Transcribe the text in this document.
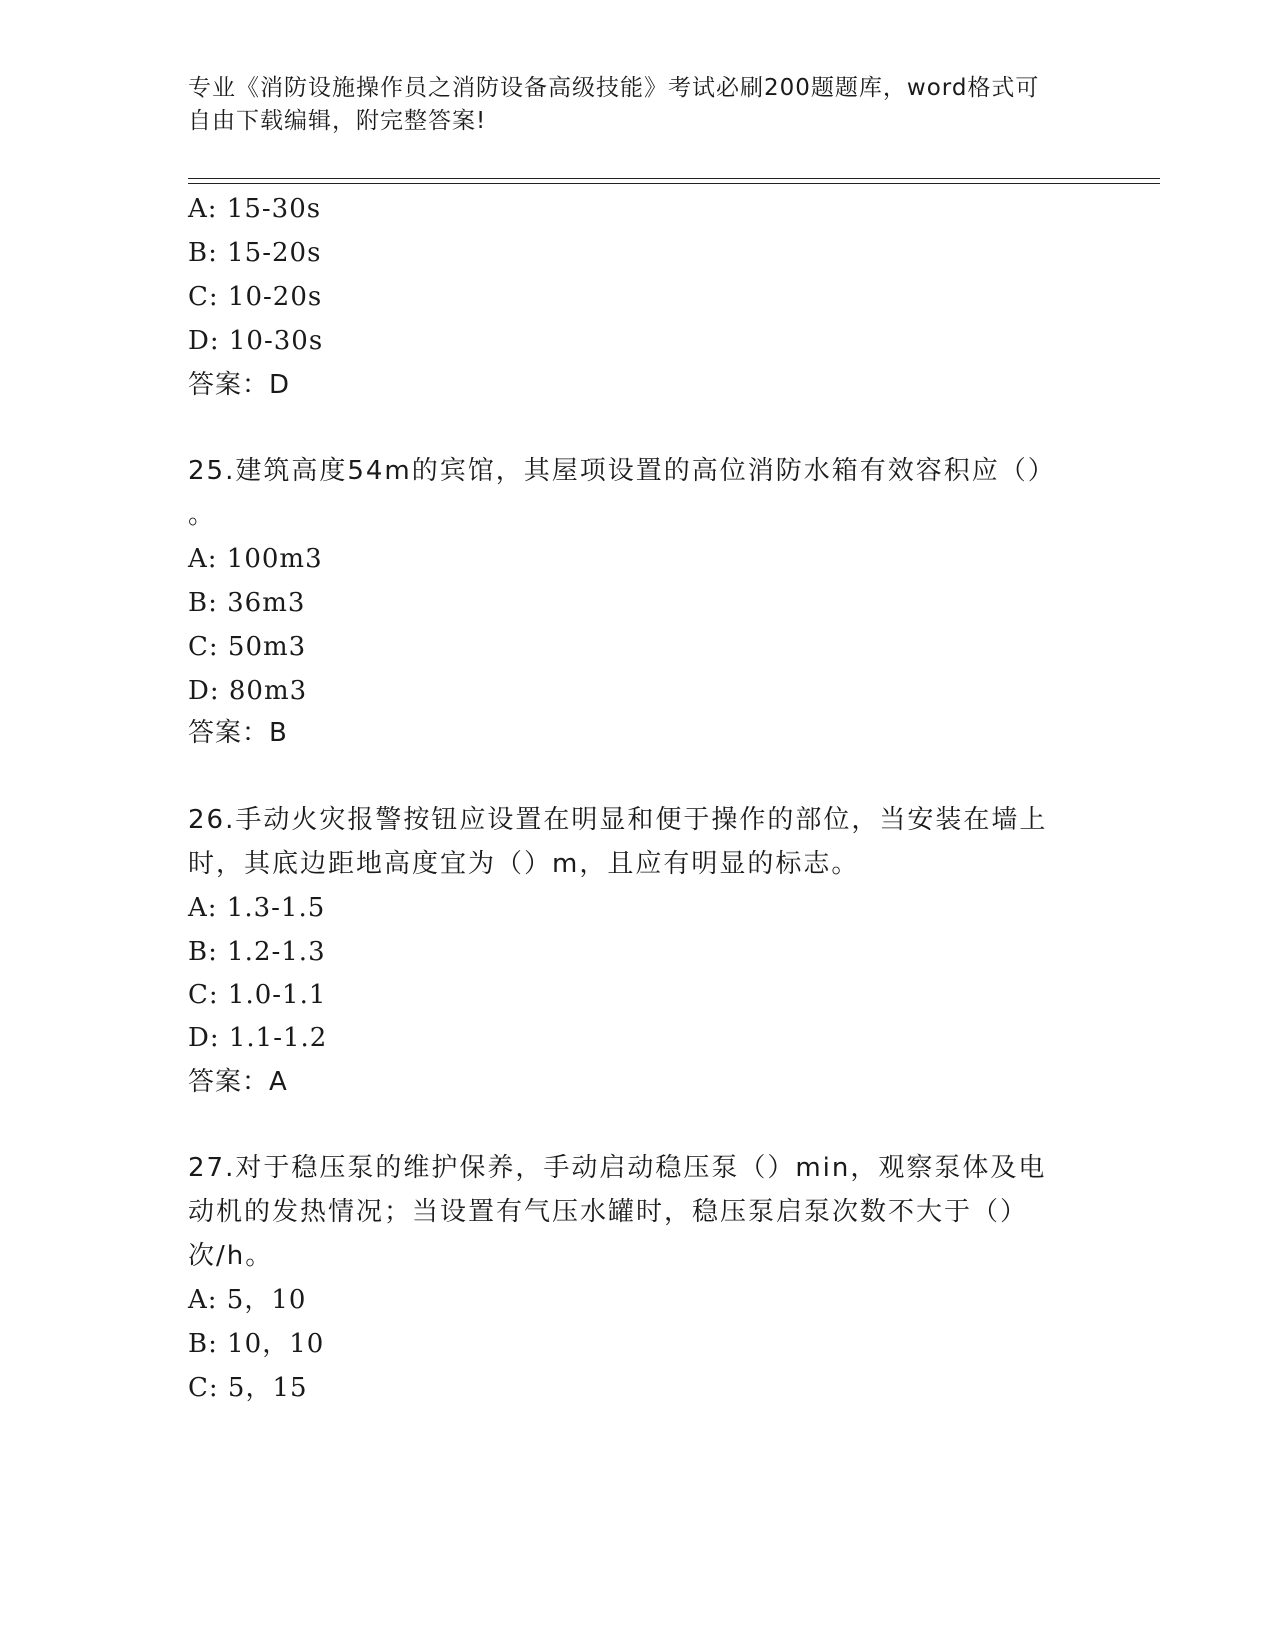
专业《消防设施操作员之消防设备高级技能》考试必刷200题题库，word格式可
自由下载编辑，附完整答案!
A: 15-30s
B: 15-20s
C: 10-20s
D: 10-30s
答案：D
25.建筑高度54m的宾馆，其屋项设置的高位消防水箱有效容积应（）
。
A: 100m3
B: 36m3
C: 50m3
D: 80m3
答案：B
26.手动火灾报警按钮应设置在明显和便于操作的部位，当安装在墙上
时，其底边距地高度宜为（）m，且应有明显的标志。
A: 1.3-1.5
B: 1.2-1.3
C: 1.0-1.1
D: 1.1-1.2
答案：A
27.对于稳压泵的维护保养，手动启动稳压泵（）min，观察泵体及电
动机的发热情况；当设置有气压水罐时，稳压泵启泵次数不大于（）
次/h。
A: 5，10
B: 10，10
C: 5，15
